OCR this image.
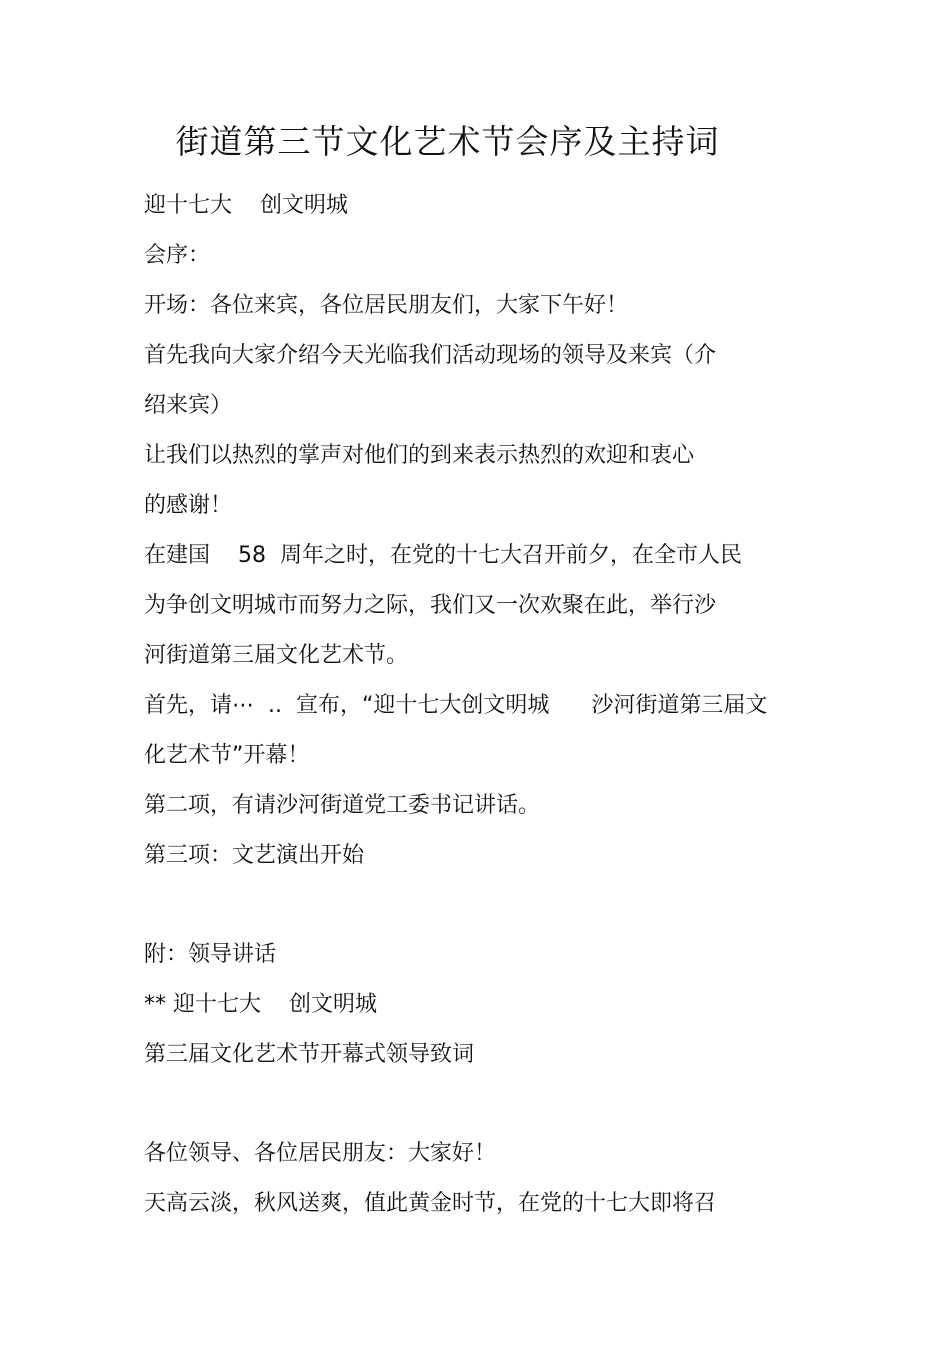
街道第三节文化艺术节会序及主持词

迎十七大    创文明城

会序：

开场：各位来宾，各位居民朋友们，大家下午好！

首先我向大家介绍今天光临我们活动现场的领导及来宾（介

绍来宾）

让我们以热烈的掌声对他们的到来表示热烈的欢迎和衷心

的感谢！

在建国    58  周年之时，在党的十七大召开前夕，在全市人民

为争创文明城市而努力之际，我们又一次欢聚在此，举行沙

河街道第三届文化艺术节。

首先，请⋯  ..  宣布，“迎十七大创文明城      沙河街道第三届文

化艺术节”开幕！

第二项，有请沙河街道党工委书记讲话。

第三项：文艺演出开始

附：领导讲话

** 迎十七大    创文明城

第三届文化艺术节开幕式领导致词

各位领导、各位居民朋友：大家好！

天高云淡，秋风送爽，值此黄金时节，在党的十七大即将召
